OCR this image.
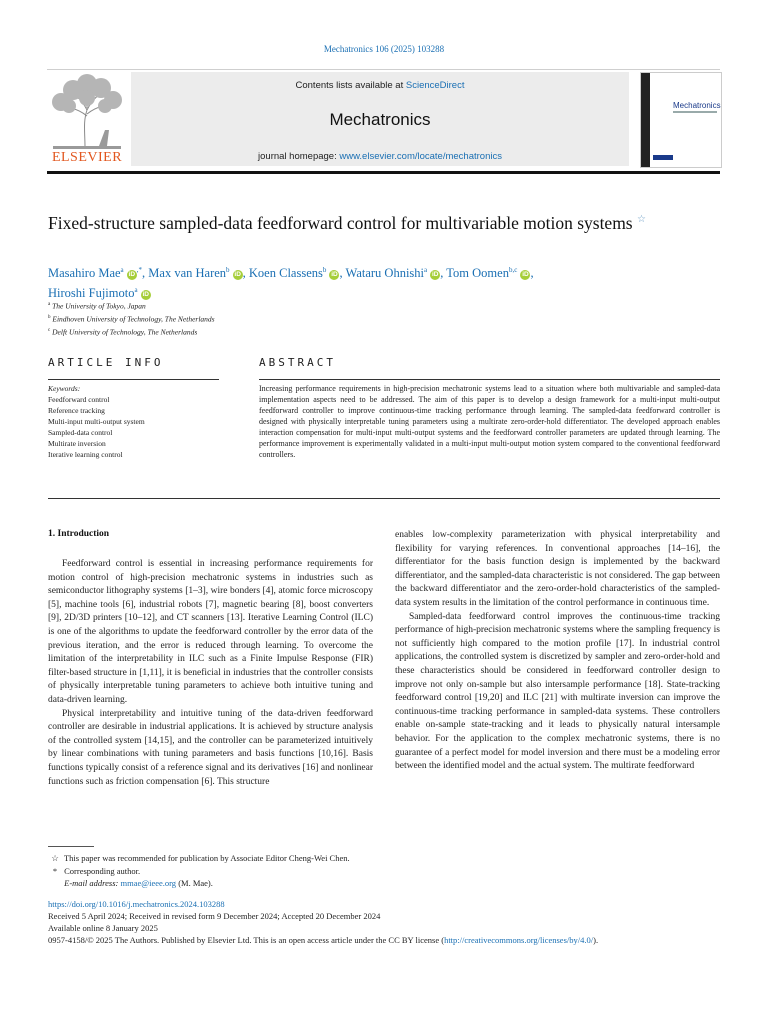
Mechatronics 106 (2025) 103288
ELSEVIER
Contents lists available at ScienceDirect
Mechatronics
journal homepage: www.elsevier.com/locate/mechatronics
Mechatronics
Fixed-structure sampled-data feedforward control for multivariable motion systems ☆
Masahiro Mae$^a$ iD,*, Max van Haren$^b$ iD , Koen Classens$^b$ iD , Wataru Ohnishi$^a$ iD , Tom Oomen$^{b,c}$ iD ,
Hiroshi Fujimoto$^a$ iD
$^a$ The University of Tokyo, Japan
$^b$ Eindhoven University of Technology, The Netherlands
$^c$ Delft University of Technology, The Netherlands
ARTICLE INFO	ABSTRACT
Keywords:
Feedforward control
Reference tracking
Multi-input multi-output system
Sampled-data control
Multirate inversion
Iterative learning control
Increasing performance requirements in high-precision mechatronic systems lead to a situation where both multivariable and sampled-data implementation aspects need to be addressed. The aim of this paper is to develop a design framework for a multi-input multi-output feedforward controller to improve continuous-time tracking performance through learning. The sampled-data feedforward controller is designed with physically interpretable tuning parameters using a multirate zero-order-hold differentiator. The developed approach enables interaction compensation for multi-input multi-output systems and the feedforward controller parameters are updated through learning. The performance improvement is experimentally validated in a multi-input multi-output motion system compared to the conventional feedforward controllers.
1. Introduction

Feedforward control is essential in increasing performance requirements for motion control of high-precision mechatronic systems in industries such as semiconductor lithography systems [1–3], wire bonders [4], atomic force microscopy [5], machine tools [6], industrial robots [7], magnetic bearing [8], boost converters [9], 2D/3D printers [10–12], and CT scanners [13]. Iterative Learning Control (ILC) is one of the algorithms to update the feedforward controller by the error data of the previous iteration, and the error is reduced through learning. To overcome the limitation of the interpretability in ILC such as a Finite Impulse Response (FIR) filter-based structure in [1,11], it is beneficial in industries that the controller consists of physically interpretable tuning parameters to achieve both intuitive tuning and data-driven learning.

Physical interpretability and intuitive tuning of the data-driven feedforward controller are desirable in industrial applications. It is achieved by structure analysis of the controlled system [14,15], and the controller can be parameterized intuitively by linear combinations with tuning parameters and basis functions [10,16]. Basis functions typically consist of a reference signal and its derivatives [16] and nonlinear functions such as friction compensation [6]. This structure

enables low-complexity parameterization with physical interpretability and flexibility for varying references. In conventional approaches [14–16], the differentiator for the basis function design is implemented by the backward differentiator, and the sampled-data characteristic is not considered. The gap between the backward differentiator and the zero-order-hold characteristics of the sampled-data system results in the limitation of the control performance in continuous time.

Sampled-data feedforward control improves the continuous-time tracking performance of high-precision mechatronic systems where the sampling frequency is not sufficiently high compared to the motion profile [17]. In industrial control applications, the controlled system is discretized by sampler and zero-order-hold and these characteristics should be considered in feedforward controller design to improve not only on-sample but also intersample performance [18]. State-tracking feedforward control [19,20] and ILC [21] with multirate inversion can improve the continuous-time tracking performance in sampled-data systems. These controllers enable on-sample state-tracking and it leads to physically natural intersample behavior. For the application to the complex mechatronic systems, there is no guarantee of a perfect model for model inversion and there must be a modeling error between the identified model and the actual system. The multirate feedforward

☆ This paper was recommended for publication by Associate Editor Cheng-Wei Chen.
* Corresponding author.
E-mail address: mmae@ieee.org (M. Mae).
https://doi.org/10.1016/j.mechatronics.2024.103288
Received 5 April 2024; Received in revised form 9 December 2024; Accepted 20 December 2024
Available online 8 January 2025
0957-4158/© 2025 The Authors. Published by Elsevier Ltd. This is an open access article under the CC BY license (http://creativecommons.org/licenses/by/4.0/).
